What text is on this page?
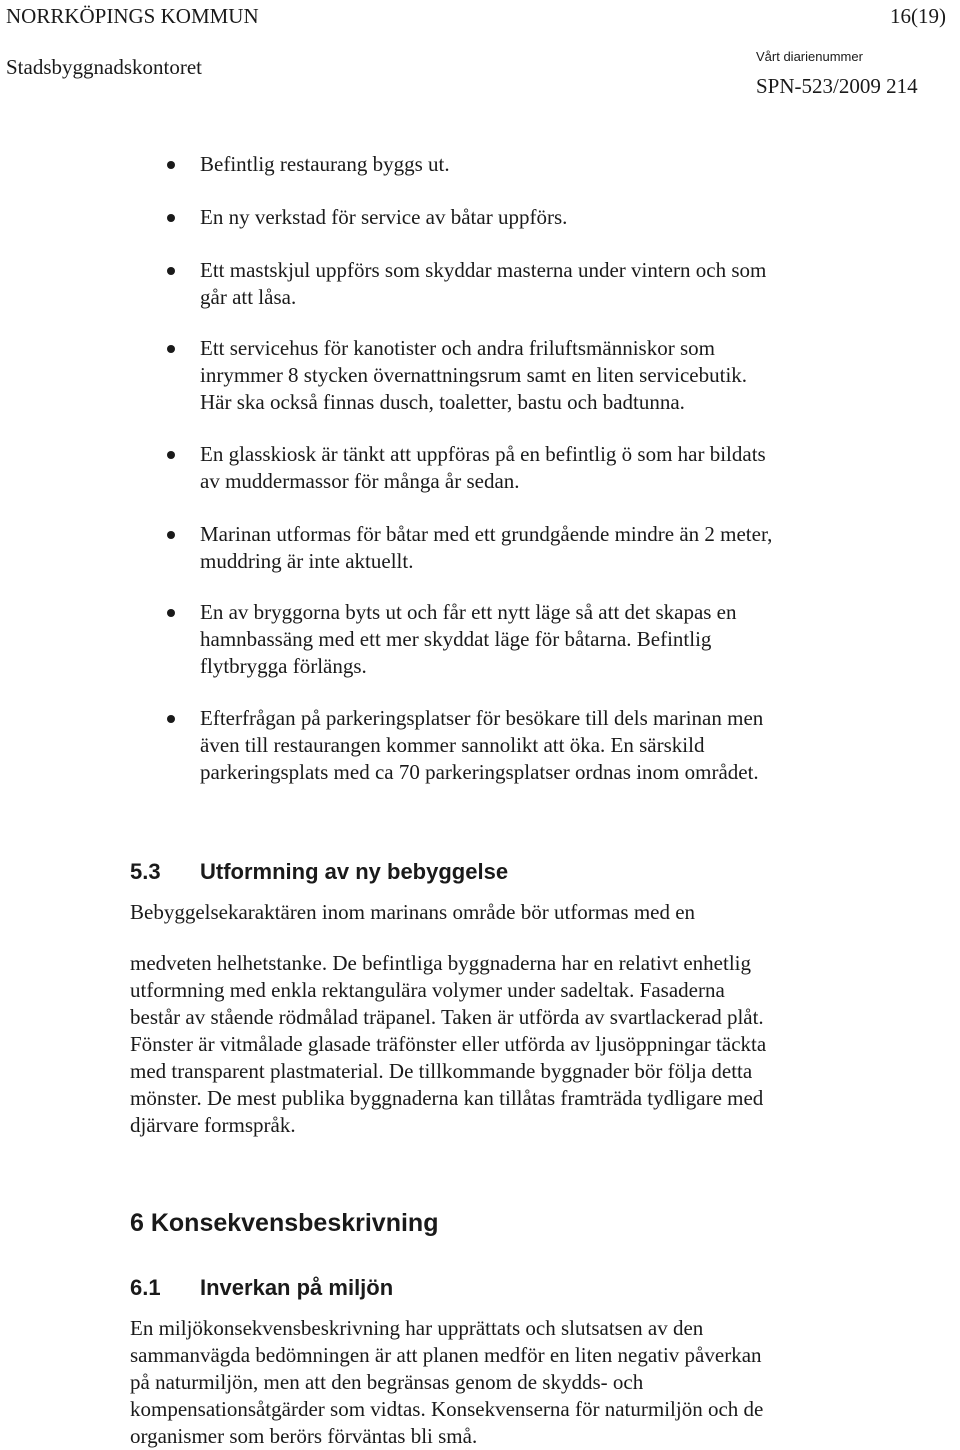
NORRKÖPINGS KOMMUN	16(19)
Stadsbyggnadskontoret	Vårt diarienummer
SPN-523/2009 214
Befintlig restaurang byggs ut.
En ny verkstad för service av båtar uppförs.
Ett mastskjul uppförs som skyddar masterna under vintern och som
går att låsa.
Ett servicehus för kanotister och andra friluftsmänniskor som
inrymmer 8 stycken övernattningsrum samt en liten servicebutik.
Här ska också finnas dusch, toaletter, bastu och badtunna.
En glasskiosk är tänkt att uppföras på en befintlig ö som har bildats
av muddermassor för många år sedan.
Marinan utformas för båtar med ett grundgående mindre än 2 meter,
muddring är inte aktuellt.
En av bryggorna byts ut och får ett nytt läge så att det skapas en
hamnbassäng med ett mer skyddat läge för båtarna. Befintlig
flytbrygga förlängs.
Efterfrågan på parkeringsplatser för besökare till dels marinan men
även till restaurangen kommer sannolikt att öka. En särskild
parkeringsplats med ca 70 parkeringsplatser ordnas inom området.
5.3 Utformning av ny bebyggelse
Bebyggelsekaraktären inom marinans område bör utformas med en
medveten helhetstanke. De befintliga byggnaderna har en relativt enhetlig
utformning med enkla rektangulära volymer under sadeltak. Fasaderna
består av stående rödmålad träpanel. Taken är utförda av svartlackerad plåt.
Fönster är vitmålade glasade träfönster eller utförda av ljusöppningar täckta
med transparent plastmaterial. De tillkommande byggnader bör följa detta
mönster. De mest publika byggnaderna kan tillåtas framträda tydligare med
djärvare formspråk.
6 Konsekvensbeskrivning
6.1 Inverkan på miljön
En miljökonsekvensbeskrivning har upprättats och slutsatsen av den
sammanvägda bedömningen är att planen medför en liten negativ påverkan
på naturmiljön, men att den begränsas genom de skydds- och
kompensationsåtgärder som vidtas. Konsekvenserna för naturmiljön och de
organismer som berörs förväntas bli små.
